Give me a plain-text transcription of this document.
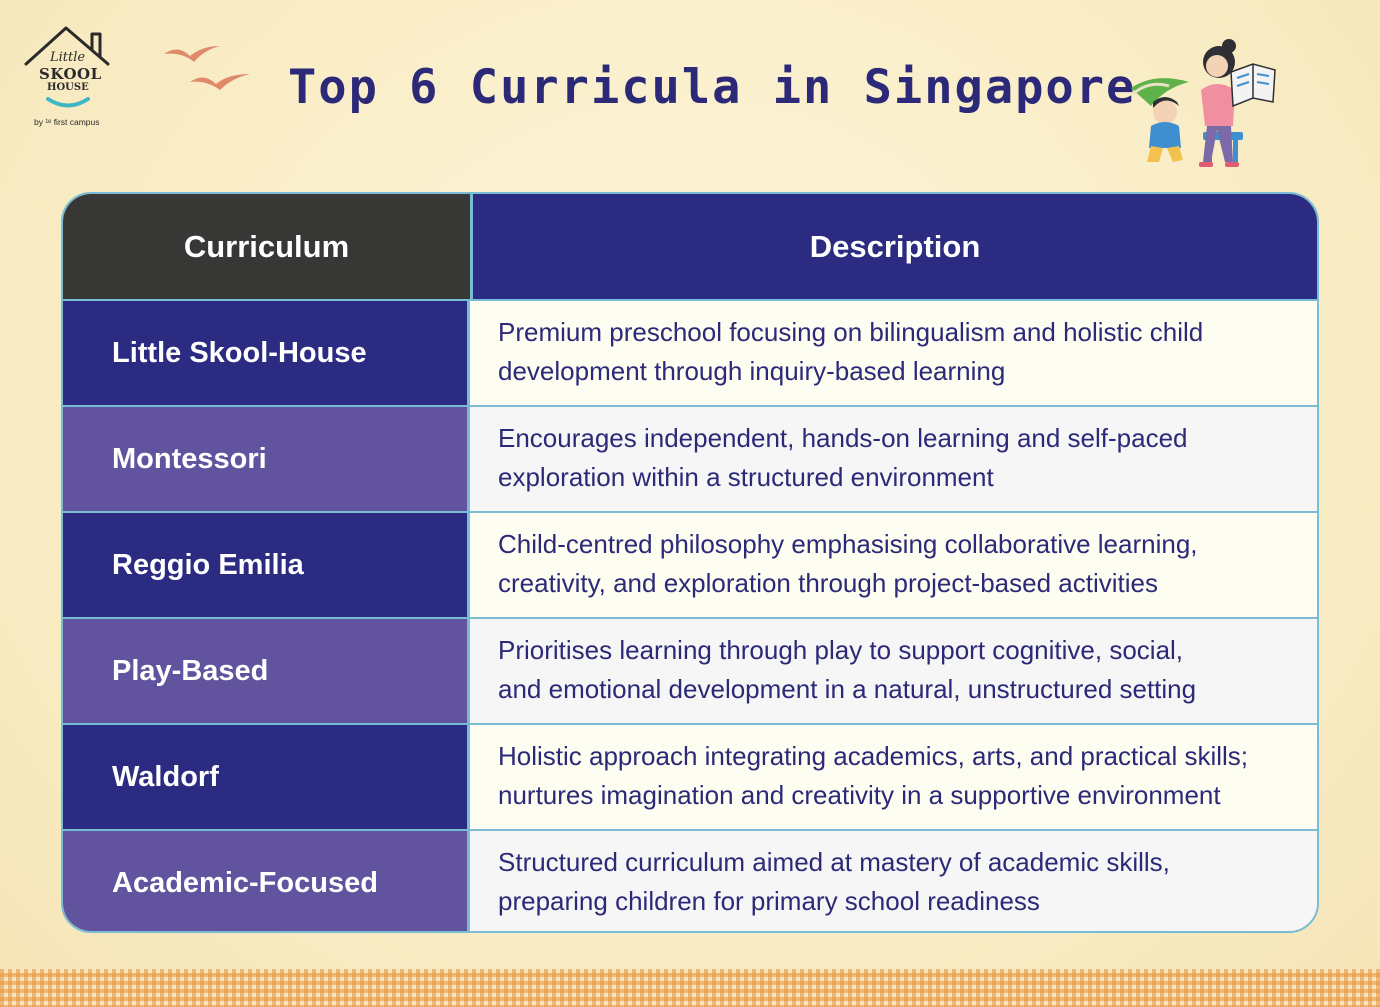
Little
SKOOL
HOUSE
by ¹ᵉ first campus
Top 6 Curricula in Singapore
Curriculum	Description
Little Skool-House
Premium preschool focusing on bilingualism and holistic child
development through inquiry-based learning
Montessori
Encourages independent, hands-on learning and self-paced
exploration within a structured environment
Reggio Emilia
Child-centred philosophy emphasising collaborative learning,
creativity, and exploration through project-based activities
Play-Based
Prioritises learning through play to support cognitive, social,
and emotional development in a natural, unstructured setting
Waldorf
Holistic approach integrating academics, arts, and practical skills;
nurtures imagination and creativity in a supportive environment
Academic-Focused
Structured curriculum aimed at mastery of academic skills,
preparing children for primary school readiness
